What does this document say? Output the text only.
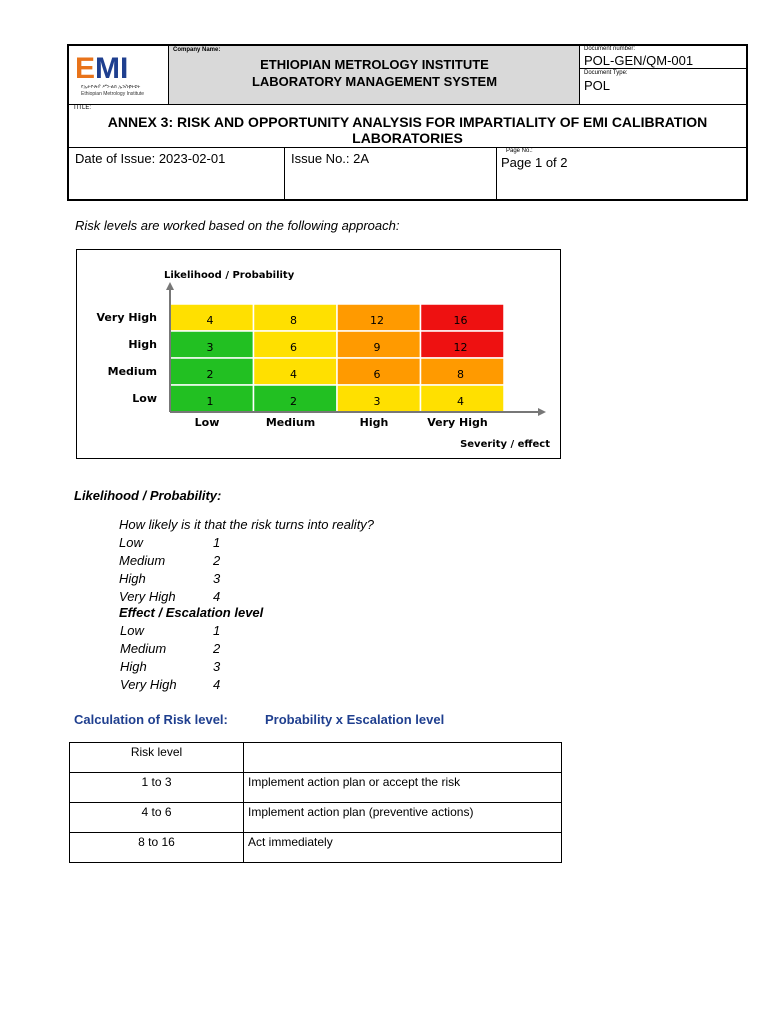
E MI
የኢትዮጵያ ሥነ-ልክ ኢንስቲትዩት
Ethiopian Metrology Institute
Company Name:
ETHIOPIAN METROLOGY INSTITUTE
LABORATORY MANAGEMENT SYSTEM
Document number:
POL-GEN/QM-001
Document Type:
POL
TITLE:
ANNEX 3: RISK AND OPPORTUNITY ANALYSIS FOR IMPARTIALITY OF EMI CALIBRATION
LABORATORIES
Date of Issue: 2023-02-01	Issue No.: 2A	Page No.:
Page 1 of 2
Risk levels are worked based on the following approach:
Likelihood / Probability
Severity / effect
4	8	12	16
3	6	9	12
2	4	6	8
1	2	3	4
Very High
High
Medium
Low
Low	Medium	High	Very High
Likelihood / Probability:
How likely is it that the risk turns into reality?
Low	1
Medium	2
High	3
Very High	4
Effect / Escalation level
Low	1
Medium	2
High	3
Very High	4
Calculation of Risk level:	Probability x Escalation level
Risk level	
1 to 3	Implement action plan or accept the risk
4 to 6	Implement action plan (preventive actions)
8 to 16	Act immediately
